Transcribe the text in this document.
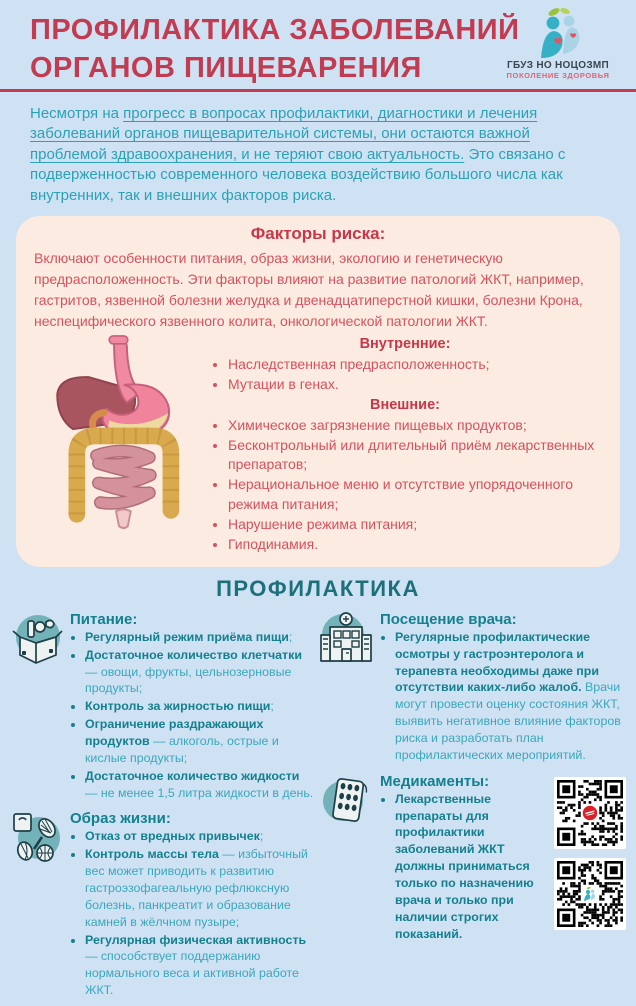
ПРОФИЛАКТИКА ЗАБОЛЕВАНИЙ
ОРГАНОВ ПИЩЕВАРЕНИЯ	ГБУЗ НО НОЦОЗМП
ПОКОЛЕНИЕ ЗДОРОВЬЯ

Несмотря на прогресс в вопросах профилактики, диагностики и лечения заболеваний органов пищеварительной системы, они остаются важной проблемой здравоохранения, и не теряют свою актуальность. Это связано с подверженностью современного человека воздействию большого числа как внутренних, так и внешних факторов риска.

Факторы риска:
Включают особенности питания, образ жизни, экологию и генетическую предрасположенность. Эти факторы влияют на развитие патологий ЖКТ, например, гастритов, язвенной болезни желудка и двенадцатиперстной кишки, болезни Крона, неспецифического язвенного колита, онкологической патологии ЖКТ.
Внутренние:
• Наследственная предрасположенность;
• Мутации в генах.
Внешние:
• Химическое загрязнение пищевых продуктов;
• Бесконтрольный или длительный приём лекарственных препаратов;
• Нерациональное меню и отсутствие упорядоченного режима питания;
• Нарушение режима питания;
• Гиподинамия.
ПРОФИЛАКТИКА
Питание:
• Регулярный режим приёма пищи;
• Достаточное количество клетчатки — овощи, фрукты, цельнозерновые продукты;
• Контроль за жирностью пищи;
• Ограничение раздражающих продуктов — алкоголь, острые и кислые продукты;
• Достаточное количество жидкости — не менее 1,5 литра жидкости в день.
Образ жизни:
• Отказ от вредных привычек;
• Контроль массы тела — избыточный вес может приводить к развитию гастроэзофагеальную рефлюксную болезнь, панкреатит и образование камней в жёлчном пузыре;
• Регулярная физическая активность — способствует поддержанию нормального веса и активной работе ЖКТ.
Посещение врача:
• Регулярные профилактические осмотры у гастроэнтеролога и терапевта необходимы даже при отсутствии каких-либо жалоб. Врачи могут провести оценку состояния ЖКТ, выявить негативное влияние факторов риска и разработать план профилактических мероприятий.
Медикаменты:
• Лекарственные препараты для профилактики заболеваний ЖКТ должны приниматься только по назначению врача и только при наличии строгих показаний.
